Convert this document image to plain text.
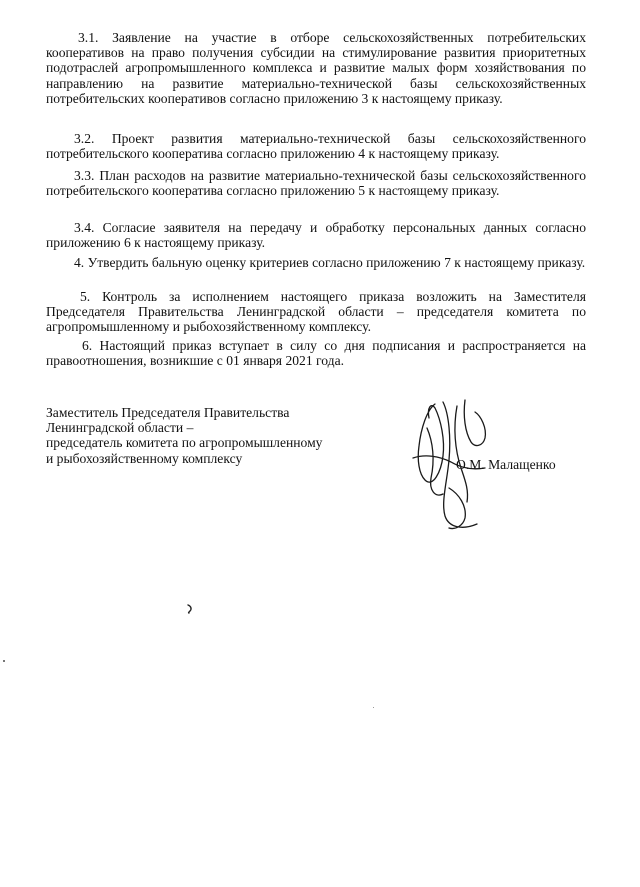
3.1. Заявление на участие в отборе сельскохозяйственных потребительских кооперативов на право получения субсидии на стимулирование развития приоритетных подотраслей агропромышленного комплекса и развитие малых форм хозяйствования по направлению на развитие материально-технической базы сельскохозяйственных потребительских кооперативов согласно приложению 3 к настоящему приказу.

3.2. Проект развития материально-технической базы сельскохозяйственного потребительского кооператива согласно приложению 4 к настоящему приказу.

3.3. План расходов на развитие материально-технической базы сельскохозяйственного потребительского кооператива согласно приложению 5 к настоящему приказу.

3.4. Согласие заявителя на передачу и обработку персональных данных согласно приложению 6 к настоящему приказу.

4. Утвердить бальную оценку критериев согласно приложению 7 к настоящему приказу.

5. Контроль за исполнением настоящего приказа возложить на Заместителя Председателя Правительства Ленинградской области – председателя комитета по агропромышленному и рыбохозяйственному комплексу.

6. Настоящий приказ вступает в силу со дня подписания и распространяется на правоотношения, возникшие с 01 января 2021 года.

Заместитель Председателя Правительства
Ленинградской области –
председатель комитета по агропромышленному
и рыбохозяйственному комплексу	О.М. Малащенко
